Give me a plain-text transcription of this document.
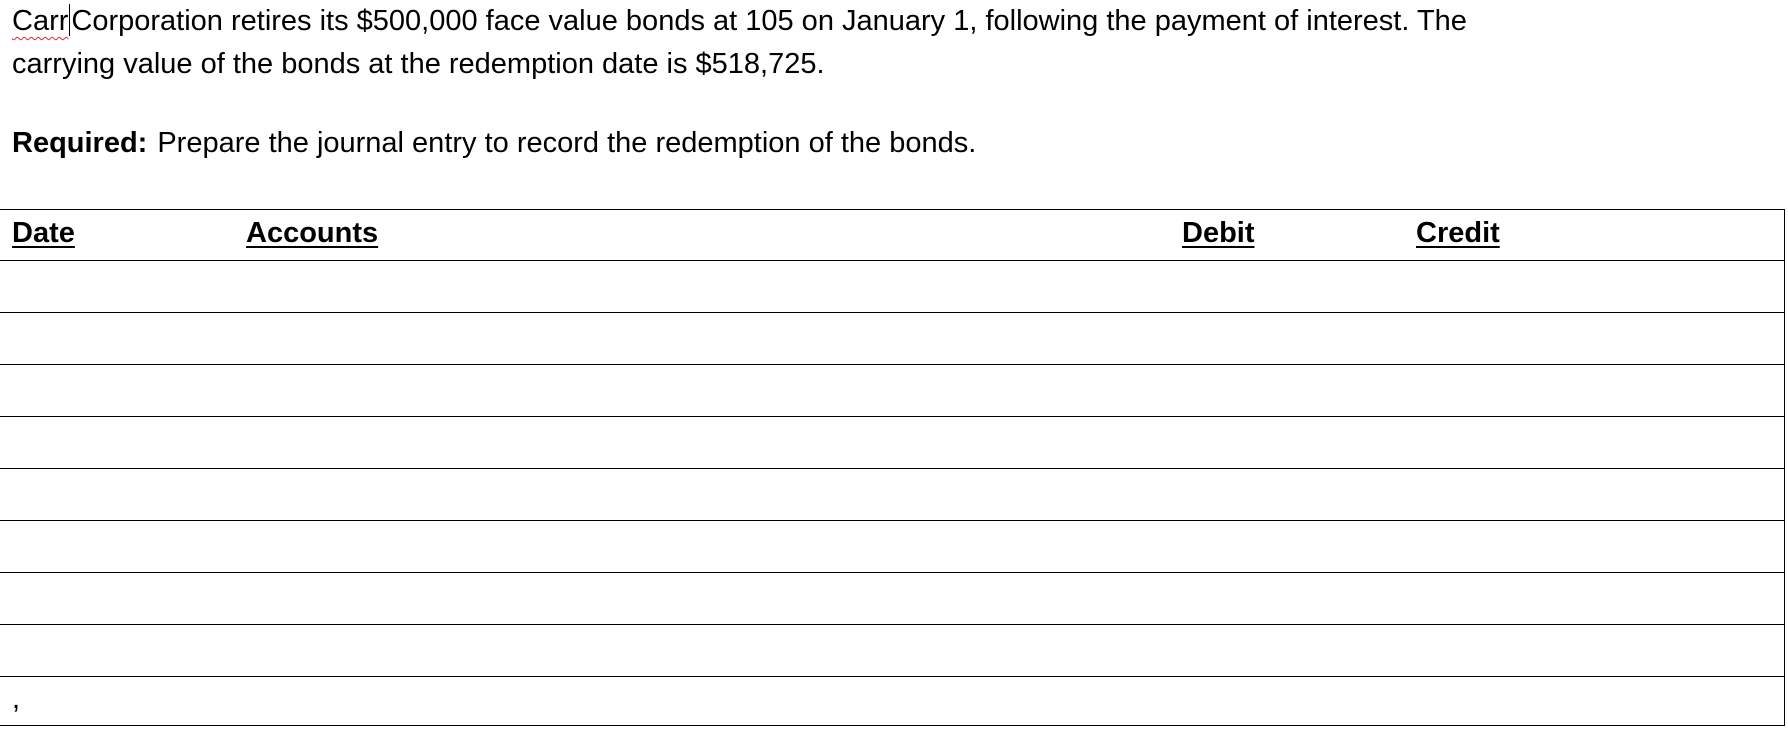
Carr Corporation retires its $500,000 face value bonds at 105 on January 1, following the payment of interest. The
carrying value of the bonds at the redemption date is $518,725.
Required: Prepare the journal entry to record the redemption of the bonds.
Date	Accounts	Debit	Credit
,
